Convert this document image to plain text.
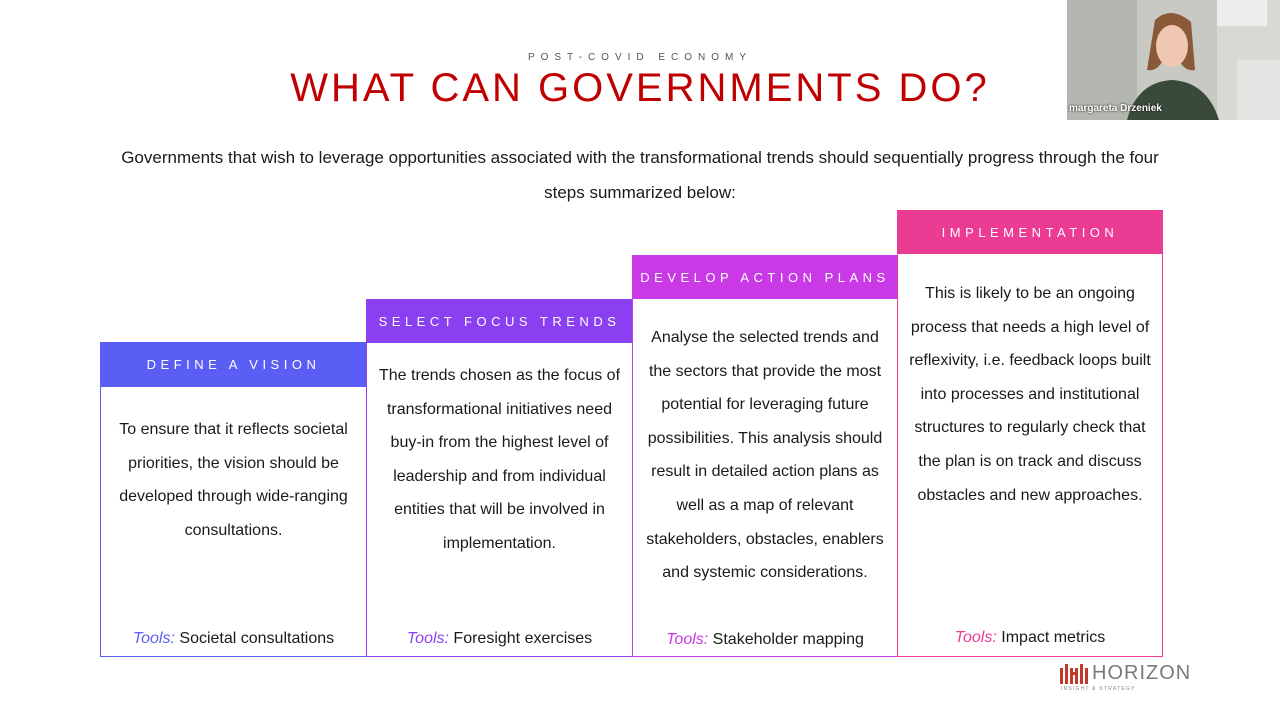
POST-COVID ECONOMY
WHAT CAN GOVERNMENTS DO?
Governments that wish to leverage opportunities associated with the transformational trends should sequentially progress through the four steps summarized below:
DEFINE A VISION
To ensure that it reflects societal priorities, the vision should be developed through wide-ranging consultations.
Tools: Societal consultations
SELECT FOCUS TRENDS
The trends chosen as the focus of transformational initiatives need buy-in from the highest level of leadership and from individual entities that will be involved in implementation.
Tools: Foresight exercises
DEVELOP ACTION PLANS
Analyse the selected trends and the sectors that provide the most potential for leveraging future possibilities. This analysis should result in detailed action plans as well as a map of relevant stakeholders, obstacles, enablers and systemic considerations.
Tools: Stakeholder mapping
IMPLEMENTATION
This is likely to be an ongoing process that needs a high level of reflexivity, i.e. feedback loops built into processes and institutional structures to regularly check that the plan is on track and discuss obstacles and new approaches.
Tools: Impact metrics
margareta Drzeniek
HORIZON
INSIGHT & STRATEGY
